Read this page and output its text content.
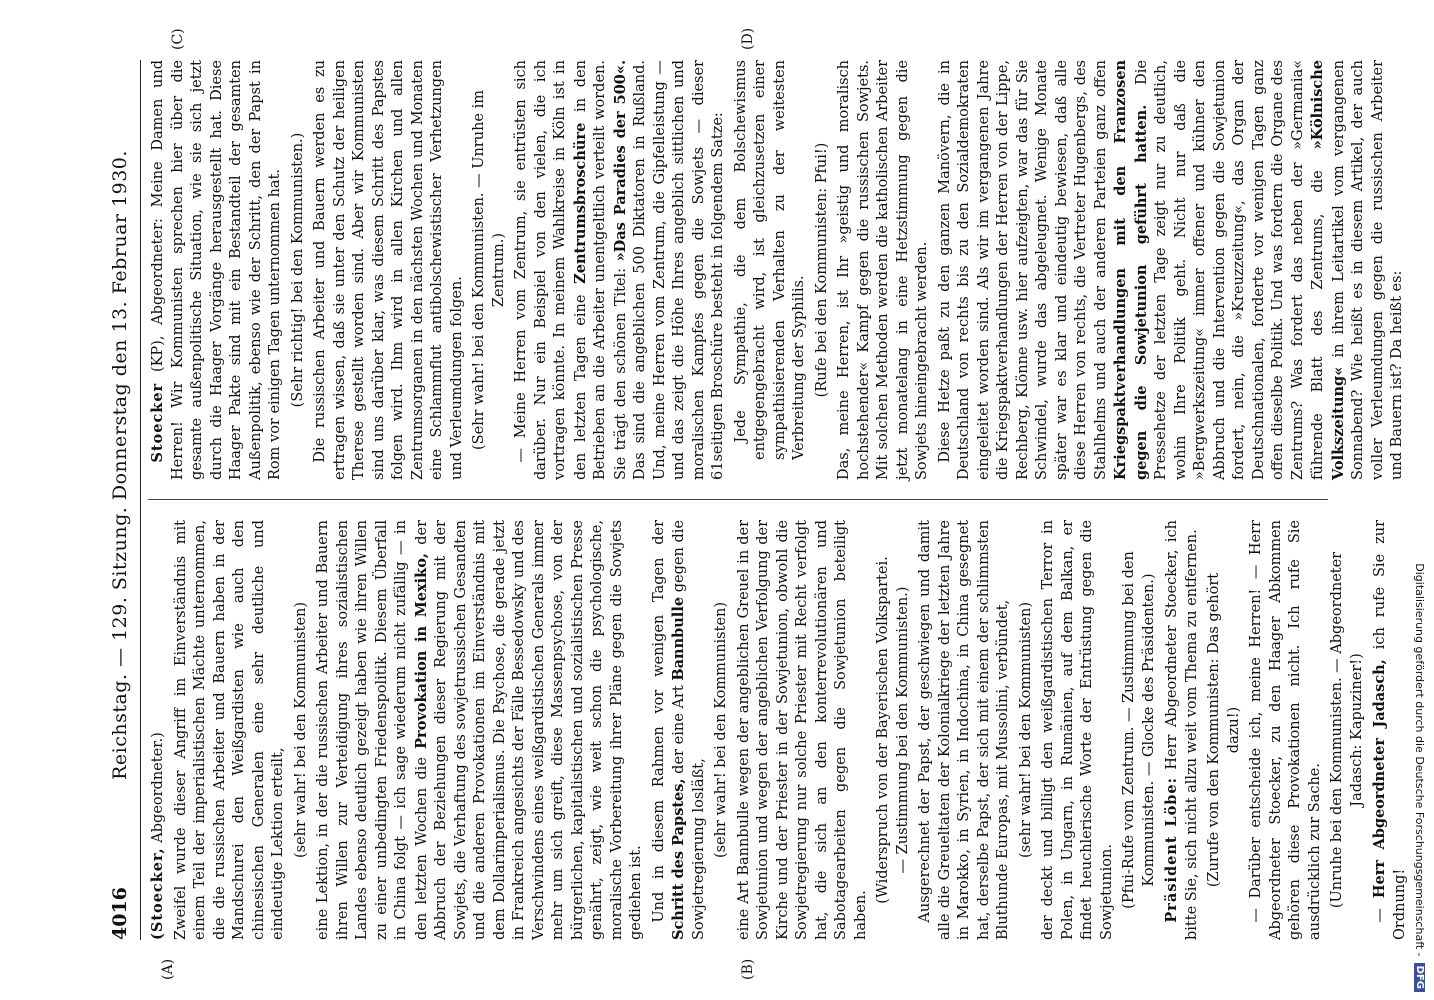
4016
Reichstag. — 129. Sitzung. Donnerstag den 13. Februar 1930.
(A)	(B)
(C)	(D)

(Stoecker, Abgeordneter.) Zweifel wurde dieser Angriff im Einverständnis mit einem Teil der imperialistischen Mächte unternommen, die die russischen Arbeiter und Bauern haben in der Mandschurei den Weißgardisten wie auch den chinesischen Generalen eine sehr deutliche und eindeutige Lektion erteilt, (sehr wahr! bei den Kommunisten) eine Lektion, in der die russischen Arbeiter und Bauern ihren Willen zur Verteidigung ihres sozialistischen Landes ebenso deutlich gezeigt haben wie ihren Willen zu einer unbedingten Friedenspolitik. Diesem Überfall in China folgt — ich sage wiederum nicht zufällig — in den letzten Wochen die Provokation in Mexiko, der Abbruch der Beziehungen dieser Regierung mit der Sowjets, die Verhaftung des sowjetrussischen Gesandten und die anderen Provokationen im Einverständnis mit dem Dollarimperialismus. Die Psychose, die gerade jetzt in Frankreich angesichts der Fälle Bessedowsky und des Verschwindens eines weißgardistischen Generals immer mehr um sich greift, diese Massenpsychose, von der bürgerlichen, kapitalistischen und sozialistischen Presse genährt, zeigt, wie weit schon die psychologische, moralische Vorbereitung ihrer Pläne gegen die Sowjets gediehen ist. Und in diesem Rahmen vor wenigen Tagen der Schritt des Papstes, der eine Art Bannbulle gegen die Sowjetregierung losläßt, (sehr wahr! bei den Kommunisten) eine Art Bannbulle wegen der angeblichen Greuel in der Sowjetunion und wegen der angeblichen Verfolgung der Kirche und der Priester in der Sowjetunion, obwohl die Sowjetregierung nur solche Priester mit Recht verfolgt hat, die sich an den konterrevolutionären und Sabotagearbeiten gegen die Sowjetunion beteiligt haben.

(Widerspruch von der Bayerischen Volkspartei. — Zustimmung bei den Kommunisten.) Ausgerechnet der Papst, der geschwiegen und damit alle die Greueltaten der Kolonialkriege der letzten Jahre in Marokko, in Syrien, in Indochina, in China gesegnet hat, derselbe Papst, der sich mit einem der schlimmsten Bluthunde Europas, mit Mussolini, verbündet, (sehr wahr! bei den Kommunisten) der deckt und billigt den weißgardistischen Terror in Polen, in Ungarn, in Rumänien, auf dem Balkan, er findet heuchlerische Worte der Entrüstung gegen die Sowjetunion. (Pfui-Rufe vom Zentrum. — Zustimmung bei den Kommunisten. — Glocke des Präsidenten.) Präsident Löbe: Herr Abgeordneter Stoecker, ich bitte Sie, sich nicht allzu weit vom Thema zu entfernen. (Zurufe von den Kommunisten: Das gehört dazu!) — Darüber entscheide ich, meine Herren! — Herr Abgeordneter Stoecker, zu den Haager Abkommen gehören diese Provokationen nicht. Ich rufe Sie ausdrücklich zur Sache. (Unruhe bei den Kommunisten. — Abgeordneter Jadasch: Kapuziner!)

— Herr Abgeordneter Jadasch, ich rufe Sie zur Ordnung!

Stoecker (KP), Abgeordneter: Meine Damen und Herren! Wir Kommunisten sprechen hier über die gesamte außenpolitische Situation, wie sie sich jetzt durch die Haager Vorgänge herausgestellt hat. Diese Haager Pakte sind mit ein Bestandteil der gesamten Außenpolitik, ebenso wie der Schritt, den der Papst in Rom vor einigen Tagen unternommen hat. (Sehr richtig! bei den Kommunisten.) Die russischen Arbeiter und Bauern werden es zu ertragen wissen, daß sie unter den Schutz der heiligen Therese gestellt worden sind. Aber wir Kommunisten sind uns darüber klar, was diesem Schritt des Papstes folgen wird. Ihm wird in allen Kirchen und allen Zentrumsorganen in den nächsten Wochen und Monaten eine Schlammflut antibolschewistischer Verhetzungen und Verleumdungen folgen. (Sehr wahr! bei den Kommunisten. — Unruhe im Zentrum.) — Meine Herren vom Zentrum, sie entrüsten sich darüber. Nur ein Beispiel von den vielen, die ich vortragen könnte. In meinem Wahlkreise in Köln ist in den letzten Tagen eine Zentrumsbroschüre in den Betrieben an die Arbeiter unentgeltlich verteilt worden. Sie trägt den schönen Titel: »Das Paradies der 500«. Das sind die angeblichen 500 Diktatoren in Rußland. Und, meine Herren vom Zentrum, die Gipfelleistung — und das zeigt die Höhe Ihres angeblich sittlichen und moralischen Kampfes gegen die Sowjets — dieser 61seitigen Broschüre besteht in folgendem Satze: Jede Sympathie, die dem Bolschewismus entgegengebracht wird, ist gleichzusetzen einer sympathisierenden Verhalten zu der weitesten Verbreitung der Syphilis. (Rufe bei den Kommunisten: Pfui!) Das, meine Herren, ist Ihr »geistig und moralisch hochstehender« Kampf gegen die russischen Sowjets. Mit solchen Methoden werden die katholischen Arbeiter jetzt monatelang in eine Hetzstimmung gegen die Sowjets hineingebracht werden. Diese Hetze paßt zu den ganzen Manövern, die in Deutschland von rechts bis zu den Sozialdemokraten eingeleitet worden sind. Als wir im vergangenen Jahre die Kriegspaktverhandlungen der Herren von der Lippe, Rechberg, Klönne usw. hier aufzeigten, war das für Sie Schwindel, wurde das abgeleugnet. Wenige Monate später war es klar und eindeutig bewiesen, daß alle diese Herren von rechts, die Vertreter Hugenbergs, des Stahlhelms und auch der anderen Parteien ganz offen Kriegspaktverhandlungen mit den Franzosen gegen die Sowjetunion geführt hatten. Die Pressehetze der letzten Tage zeigt nur zu deutlich, wohin Ihre Politik geht. Nicht nur daß die »Bergwerkszeitung« immer offener und kühner den Abbruch und die Intervention gegen die Sowjetunion fordert, nein, die »Kreuzzeitung«, das Organ der Deutschnationalen, forderte vor wenigen Tagen ganz offen dieselbe Politik. Und was fordern die Organe des Zentrums? Was fordert das neben der »Germania« führende Blatt des Zentrums, die »Kölnische Volkszeitung« in ihrem Leitartikel vom vergangenen Sonnabend? Wie heißt es in diesem Artikel, der auch voller Verleumdungen gegen die russischen Arbeiter und Bauern ist? Da heißt es:

Digitalisierung gefördert durch die Deutsche Forschungsgemeinschaft -
DFG
